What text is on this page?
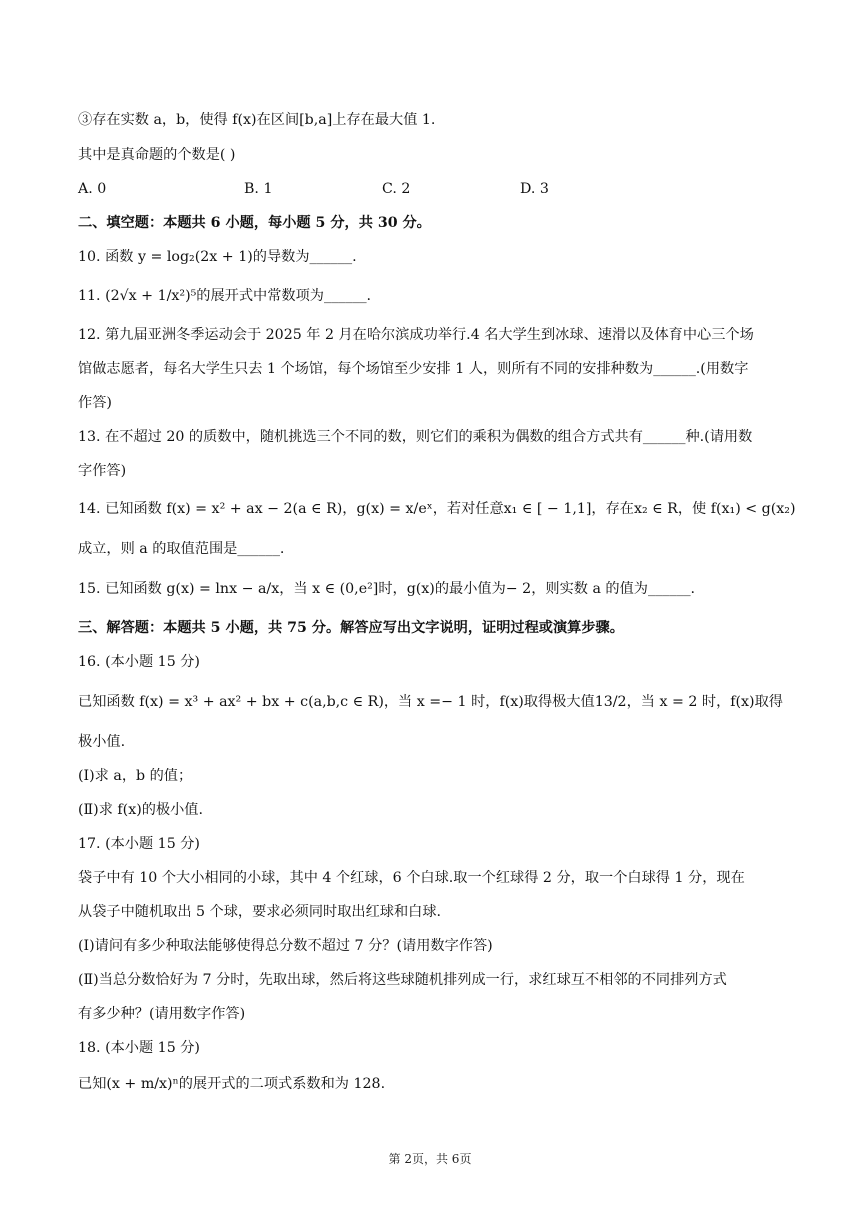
③存在实数 a，b，使得 f(x)在区间[b,a]上存在最大值 1.
其中是真命题的个数是( )
A. 0	B. 1	C. 2	D. 3
二、填空题：本题共 6 小题，每小题 5 分，共 30 分。
10. 函数 y = log₂(2x + 1)的导数为______.
11. (2√x + 1/x²)⁵的展开式中常数项为______.
12. 第九届亚洲冬季运动会于 2025 年 2 月在哈尔滨成功举行.4 名大学生到冰球、速滑以及体育中心三个场
馆做志愿者，每名大学生只去 1 个场馆，每个场馆至少安排 1 人，则所有不同的安排种数为______.(用数字
作答)
13. 在不超过 20 的质数中，随机挑选三个不同的数，则它们的乘积为偶数的组合方式共有______种.(请用数
字作答)
14. 已知函数 f(x) = x² + ax − 2(a ∈ R)，g(x) = x/eˣ，若对任意x₁ ∈ [ − 1,1]，存在x₂ ∈ R，使 f(x₁) < g(x₂)
成立，则 a 的取值范围是______.
15. 已知函数 g(x) = lnx − a/x，当 x ∈ (0,e²]时，g(x)的最小值为− 2，则实数 a 的值为______.
三、解答题：本题共 5 小题，共 75 分。解答应写出文字说明，证明过程或演算步骤。
16. (本小题 15 分)
已知函数 f(x) = x³ + ax² + bx + c(a,b,c ∈ R)，当 x =− 1 时，f(x)取得极大值13/2，当 x = 2 时，f(x)取得
极小值.
(Ⅰ)求 a，b 的值；
(Ⅱ)求 f(x)的极小值.
17. (本小题 15 分)
袋子中有 10 个大小相同的小球，其中 4 个红球，6 个白球.取一个红球得 2 分，取一个白球得 1 分，现在
从袋子中随机取出 5 个球，要求必须同时取出红球和白球.
(Ⅰ)请问有多少种取法能够使得总分数不超过 7 分？(请用数字作答)
(Ⅱ)当总分数恰好为 7 分时，先取出球，然后将这些球随机排列成一行，求红球互不相邻的不同排列方式
有多少种？(请用数字作答)
18. (本小题 15 分)
已知(x + m/x)ⁿ的展开式的二项式系数和为 128.
第 2页，共 6页
